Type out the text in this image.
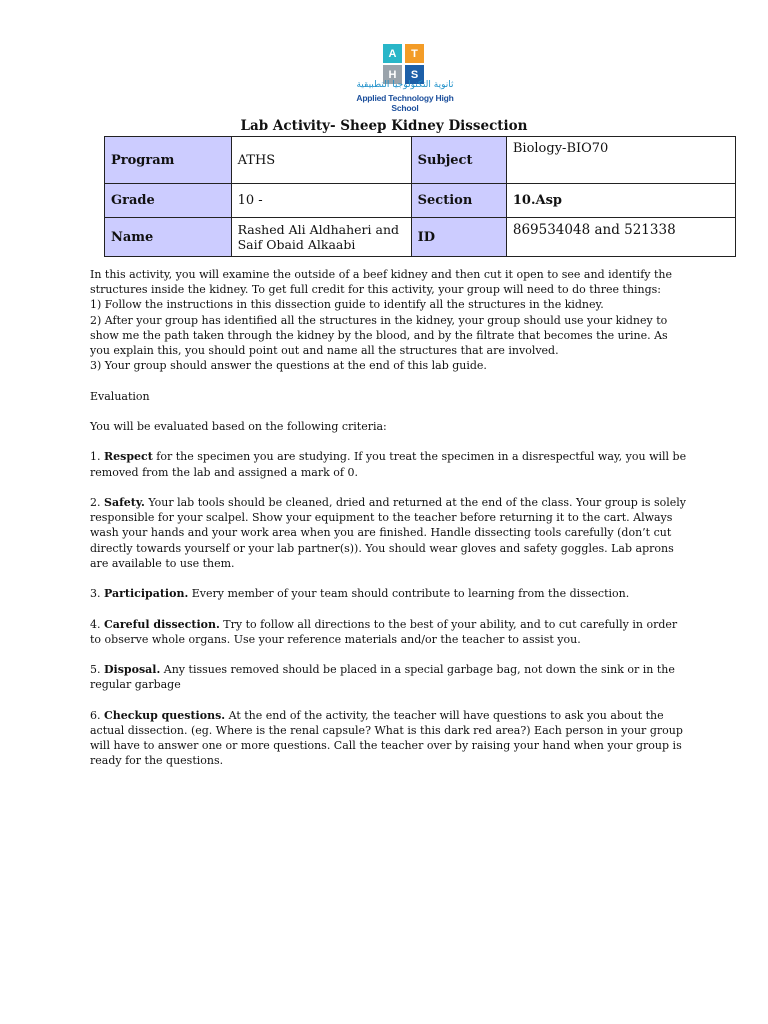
A	T
H	S
ثانوية التكنولوجيا التطبيقية
Applied Technology High School
Lab Activity- Sheep Kidney Dissection
Program	ATHS	Subject	Biology-BIO70
Grade	10 -	Section	10.Asp
Name	Rashed Ali Aldhaheri and Saif Obaid Alkaabi	ID	869534048 and 521338

In this activity, you will examine the outside of a beef kidney and then cut it open to see and identify the structures inside the kidney. To get full credit for this activity, your group will need to do three things:

1) Follow the instructions in this dissection guide to identify all the structures in the kidney.

2) After your group has identified all the structures in the kidney, your group should use your kidney to show me the path taken through the kidney by the blood, and by the filtrate that becomes the urine. As you explain this, you should point out and name all the structures that are involved.

3) Your group should answer the questions at the end of this lab guide.

Evaluation

You will be evaluated based on the following criteria:

1. Respect for the specimen you are studying. If you treat the specimen in a disrespectful way, you will be removed from the lab and assigned a mark of 0.

2. Safety. Your lab tools should be cleaned, dried and returned at the end of the class. Your group is solely responsible for your scalpel. Show your equipment to the teacher before returning it to the cart. Always wash your hands and your work area when you are finished. Handle dissecting tools carefully (don’t cut directly towards yourself or your lab partner(s)). You should wear gloves and safety goggles. Lab aprons are available to use them.

3. Participation. Every member of your team should contribute to learning from the dissection.

4. Careful dissection. Try to follow all directions to the best of your ability, and to cut carefully in order to observe whole organs. Use your reference materials and/or the teacher to assist you.

5. Disposal. Any tissues removed should be placed in a special garbage bag, not down the sink or in the regular garbage

6. Checkup questions. At the end of the activity, the teacher will have questions to ask you about the actual dissection. (eg. Where is the renal capsule? What is this dark red area?) Each person in your group will have to answer one or more questions. Call the teacher over by raising your hand when your group is ready for the questions.
